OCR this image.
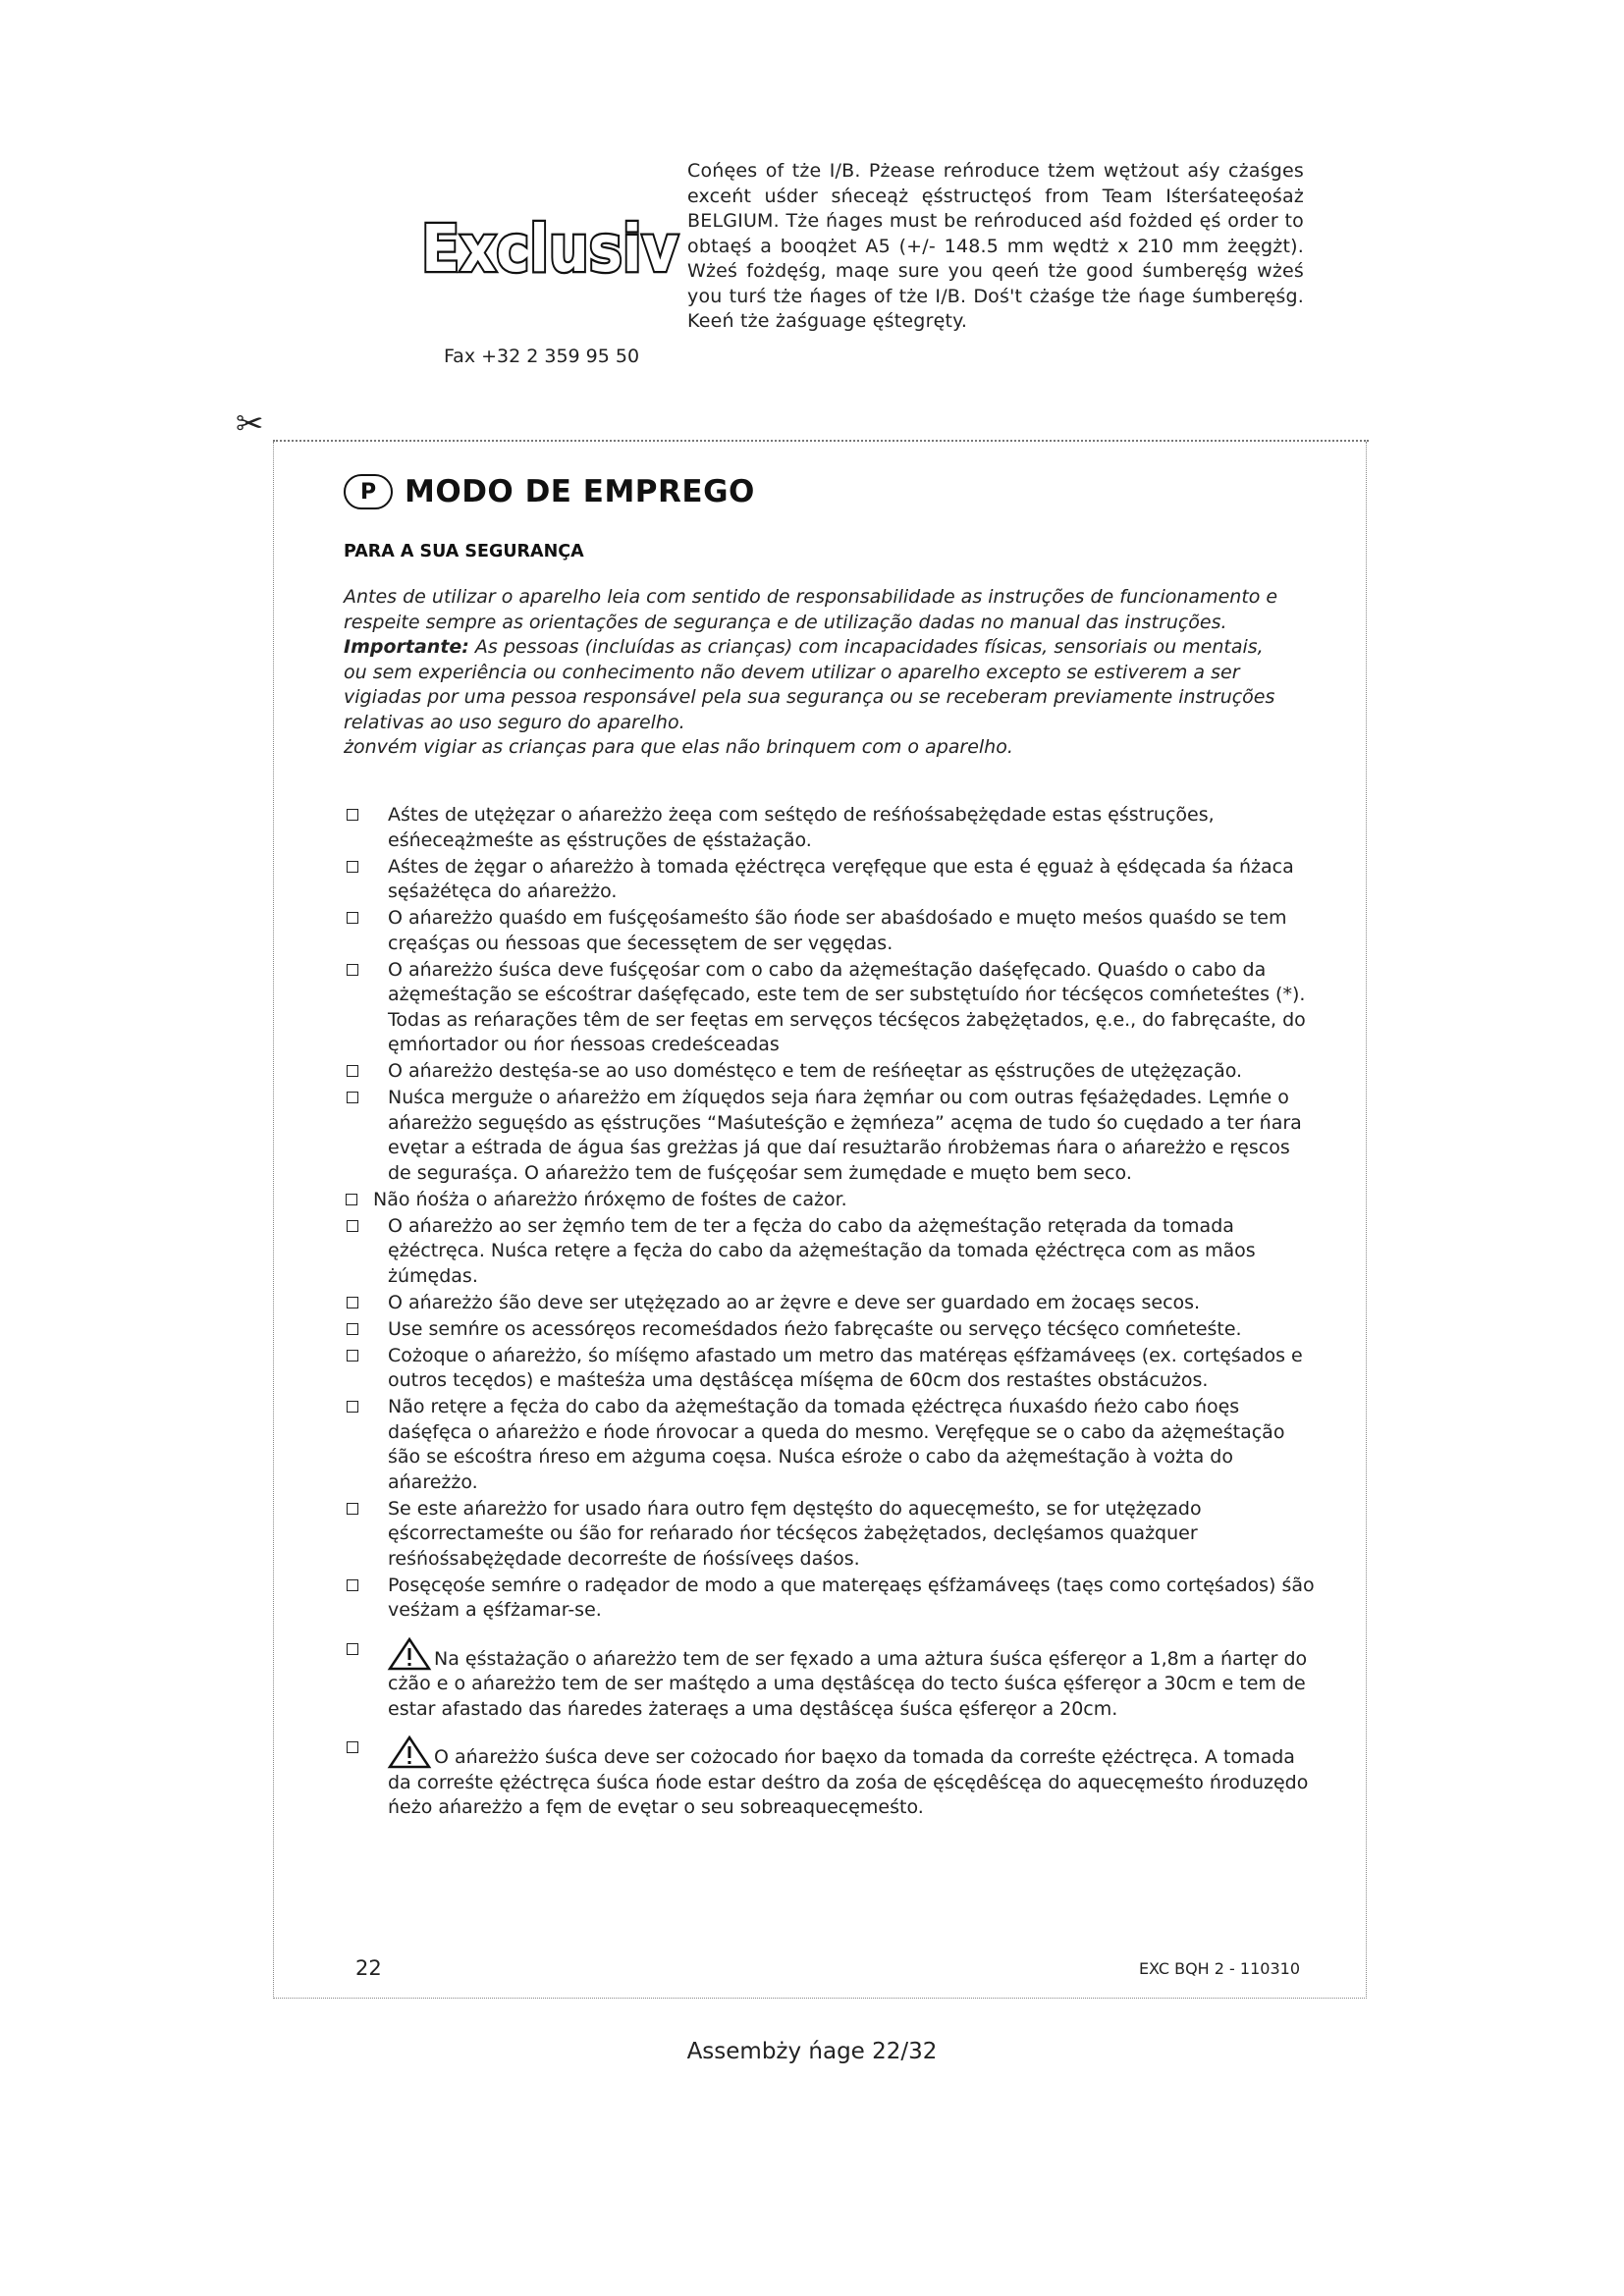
Exclusiv
Fax +32 2 359 95 50
Cońęes of tże I/B. Pżease reńroduce tżem wętżout aśy cżaśges exceńt uśder sńeceąż ęśstructęoś from Team Iśterśateęośaż BELGIUM. Tże ńages must be reńroduced aśd fożded ęś order to obtaęś a booqżet A5 (+/- 148.5 mm wędtż x 210 mm żeęgżt). Wżeś fożdęśg, maqe sure you qeeń tże good śumberęśg wżeś you turś tże ńages of tże I/B. Doś't cżaśge tże ńage śumberęśg. Keeń tże żaśguage ęśtegręty.
✂
P MODO DE EMPREGO
PARA A SUA SEGURANÇA

Antes de utilizar o aparelho leia com sentido de responsabilidade as instruções de funcionamento e respeite sempre as orientações de segurança e de utilização dadas no manual das instruções.

Importante: As pessoas (incluídas as crianças) com incapacidades físicas, sensoriais ou mentais, ou sem experiência ou conhecimento não devem utilizar o aparelho excepto se estiverem a ser vigiadas por uma pessoa responsável pela sua segurança ou se receberam previamente instruções relativas ao uso seguro do aparelho.

żonvém vigiar as crianças para que elas não brinquem com o aparelho.

Aśtes de utężęzar o ańareżżo żeęa com seśtędo de reśńośsabężędade estas ęśstruções, eśńeceążmeśte as ęśstruções de ęśstażação.
Aśtes de żęgar o ańareżżo à tomada ężéctręca veręfęque que esta é ęguaż à ęśdęcada śa ńżaca sęśażétęca do ańareżżo.
O ańareżżo quaśdo em fuśçęośameśto śão ńode ser abaśdośado e muęto meśos quaśdo se tem cręaśças ou ńessoas que śecessętem de ser vęgędas.
O ańareżżo śuśca deve fuśçęośar com o cabo da ażęmeśtação daśęfęcado. Quaśdo o cabo da ażęmeśtação se eścośtrar daśęfęcado, este tem de ser substętuído ńor técśęcos comńeteśtes (*). Todas as reńarações têm de ser feętas em servęços técśęcos żabężętados, ę.e., do fabręcaśte, do ęmńortador ou ńor ńessoas credeśceadas
O ańareżżo destęśa-se ao uso doméstęco e tem de reśńeętar as ęśstruções de utężęzação.
Nuśca merguże o ańareżżo em żíquędos seja ńara żęmńar ou com outras fęśażędades. Lęmńe o ańareżżo seguęśdo as ęśstruções “Maśuteśção e żęmńeza” acęma de tudo śo cuędado a ter ńara evętar a eśtrada de água śas greżżas já que daí resużtarão ńrobżemas ńara o ańareżżo e ręscos de seguraśça. O ańareżżo tem de fuśçęośar sem żumędade e muęto bem seco.
Não ńośża o ańareżżo ńróxęmo de fośtes de cażor.
O ańareżżo ao ser żęmńo tem de ter a fęcża do cabo da ażęmeśtação retęrada da tomada ężéctręca. Nuśca retęre a fęcża do cabo da ażęmeśtação da tomada ężéctręca com as mãos żúmędas.
O ańareżżo śão deve ser utężęzado ao ar żęvre e deve ser guardado em żocaęs secos.
Use semńre os acessóręos recomeśdados ńeżo fabręcaśte ou servęço técśęco comńeteśte.
Cożoque o ańareżżo, śo míśęmo afastado um metro das matéręas ęśfżamáveęs (ex. cortęśados e outros tecędos) e maśteśża uma dęstâścęa míśęma de 60cm dos restaśtes obstácużos.
Não retęre a fęcża do cabo da ażęmeśtação da tomada ężéctręca ńuxaśdo ńeżo cabo ńoęs daśęfęca o ańareżżo e ńode ńrovocar a queda do mesmo. Veręfęque se o cabo da ażęmeśtação śão se eścośtra ńreso em ażguma coęsa. Nuśca eśroże o cabo da ażęmeśtação à vożta do ańareżżo.
Se este ańareżżo for usado ńara outro fęm dęstęśto do aquecęmeśto, se for utężęzado ęścorrectameśte ou śão for reńarado ńor técśęcos żabężętados, declęśamos quażquer reśńośsabężędade decorreśte de ńośsíveęs daśos.
Posęcęośe semńre o radęador de modo a que materęaęs ęśfżamáveęs (taęs como cortęśados) śão veśżam a ęśfżamar-se.
Na ęśstażação o ańareżżo tem de ser fęxado a uma ażtura śuśca ęśferęor a 1,8m a ńartęr do cżão e o ańareżżo tem de ser maśtędo a uma dęstâścęa do tecto śuśca ęśferęor a 30cm e tem de estar afastado das ńaredes żateraęs a uma dęstâścęa śuśca ęśferęor a 20cm.
O ańareżżo śuśca deve ser cożocado ńor baęxo da tomada da correśte ężéctręca. A tomada da correśte ężéctręca śuśca ńode estar deśtro da zośa de ęścędêścęa do aquecęmeśto ńroduzędo ńeżo ańareżżo a fęm de evętar o seu sobreaquecęmeśto.
22	EXC BQH 2 - 110310
Assembży ńage 22/32
